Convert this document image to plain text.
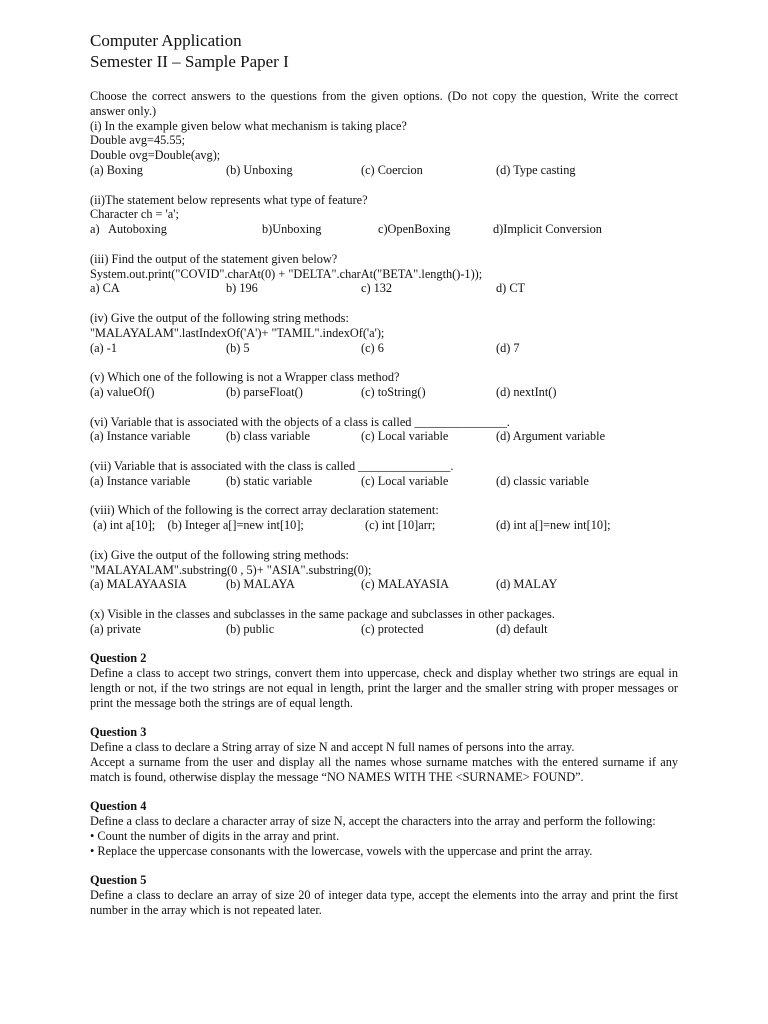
Computer Application
Semester II – Sample Paper I
Choose the correct answers to the questions from the given options. (Do not copy the question, Write the correct answer only.)
(i) In the example given below what mechanism is taking place?
Double avg=45.55;
Double ovg=Double(avg);
(a) Boxing	(b) Unboxing	(c) Coercion	(d) Type casting
(ii)The statement below represents what type of feature?
Character ch = 'a';
a)   Autoboxing	b)Unboxing	c)OpenBoxing	d)Implicit Conversion
(iii) Find the output of the statement given below?
System.out.print("COVID".charAt(0) + "DELTA".charAt("BETA".length()-1));
a) CA	b) 196	c) 132	d) CT
(iv) Give the output of the following string methods:
"MALAYALAM".lastIndexOf('A')+ "TAMIL".indexOf('a');
(a) -1	(b) 5	(c) 6	(d) 7
(v) Which one of the following is not a Wrapper class method?
(a) valueOf()	(b) parseFloat()	(c) toString()	(d) nextInt()
(vi) Variable that is associated with the objects of a class is called _______________.
(a) Instance variable	(b) class variable	(c) Local variable	(d) Argument variable
(vii) Variable that is associated with the class is called _______________.
(a) Instance variable	(b) static variable	(c) Local variable	(d) classic variable
(viii) Which of the following is the correct array declaration statement:
(a) int a[10];    (b) Integer a[]=new int[10];	(c) int [10]arr;	(d) int a[]=new int[10];
(ix) Give the output of the following string methods:
"MALAYALAM".substring(0 , 5)+ "ASIA".substring(0);
(a) MALAYAASIA	(b) MALAYA	(c) MALAYASIA	(d) MALAY
(x) Visible in the classes and subclasses in the same package and subclasses in other packages.
(a) private	(b) public	(c) protected	(d) default
Question 2
Define a class to accept two strings, convert them into uppercase, check and display whether two strings are equal in length or not, if the two strings are not equal in length, print the larger and the smaller string with proper messages or print the message both the strings are of equal length.
Question 3
Define a class to declare a String array of size N and accept N full names of persons into the array.
Accept a surname from the user and display all the names whose surname matches with the entered surname if any match is found, otherwise display the message “NO NAMES WITH THE <SURNAME> FOUND”.
Question 4
Define a class to declare a character array of size N, accept the characters into the array and perform the following:
• Count the number of digits in the array and print.
• Replace the uppercase consonants with the lowercase, vowels with the uppercase and print the array.
Question 5
Define a class to declare an array of size 20 of integer data type, accept the elements into the array and print the first number in the array which is not repeated later.
